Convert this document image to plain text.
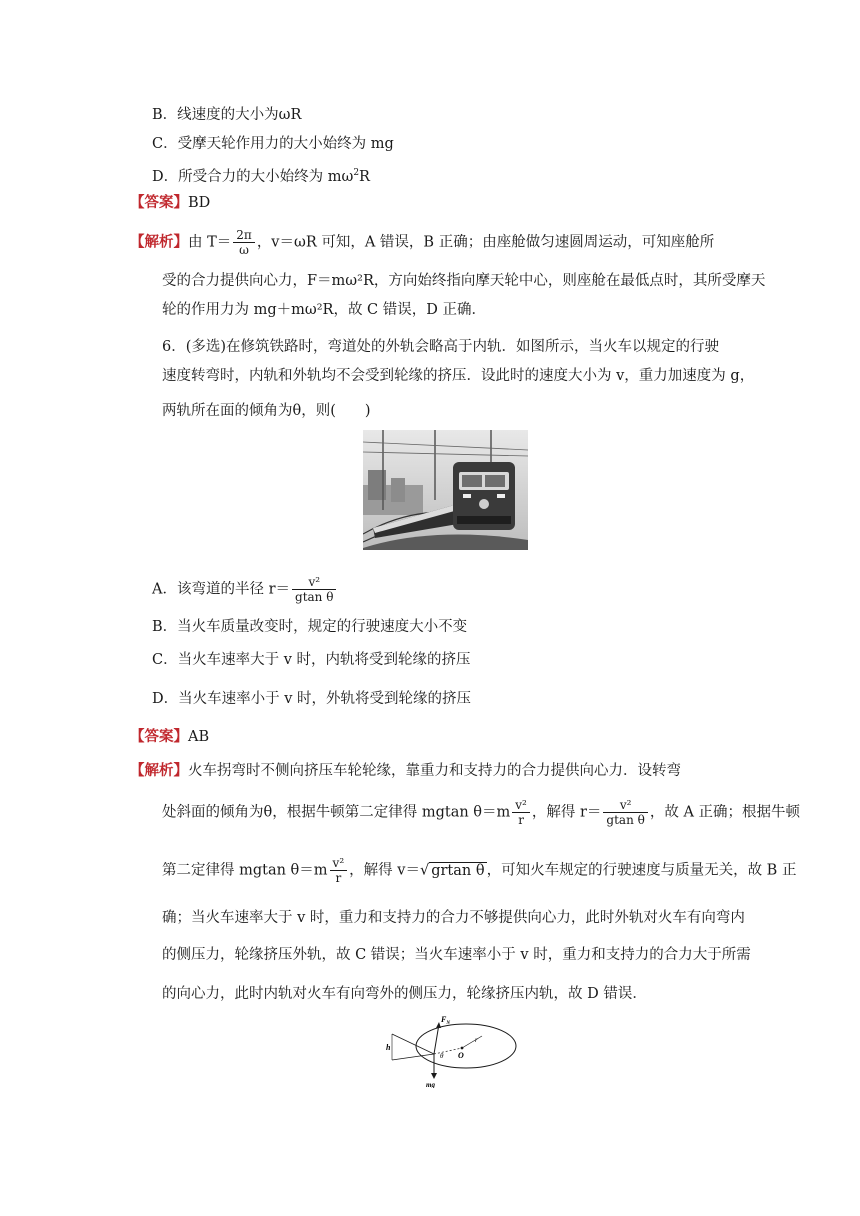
B．线速度的大小为ωR
C．受摩天轮作用力的大小始终为 mg
D．所受合力的大小始终为 $m\omega^2R$
【答案】BD
【解析】由 $T= \frac{2\pi}{\omega}$ ，v＝ωR 可知，A 错误，B 正确；由座舱做匀速圆周运动，可知座舱所
受的合力提供向心力，F＝mω²R，方向始终指向摩天轮中心，则座舱在最低点时，其所受摩天
轮的作用力为 mg＋mω²R，故 C 错误，D 正确．
6．(多选)在修筑铁路时，弯道处的外轨会略高于内轨．如图所示，当火车以规定的行驶
速度转弯时，内轨和外轨均不会受到轮缘的挤压．设此时的速度大小为 v，重力加速度为 g，
两轨所在面的倾角为θ，则(　　)
A．该弯道的半径 $r= \frac{\text{v²}}{\text{gtan θ}}$
B．当火车质量改变时，规定的行驶速度大小不变
C．当火车速率大于 v 时，内轨将受到轮缘的挤压
D．当火车速率小于 v 时，外轨将受到轮缘的挤压
【答案】AB
【解析】火车拐弯时不侧向挤压车轮轮缘，靠重力和支持力的合力提供向心力．设转弯
处斜面的倾角为θ，根据牛顿第二定律得 mgtan $\theta=m \frac{\text{v²}}{r}$ ，解得 $r= \frac{\text{v²}}{\text{gtan θ}}$ ，故 A 正确；根据牛顿
第二定律得 mgtan $\theta=m \frac{\text{v²}}{r}$ ，解得 v＝√ grtan θ ，可知火车规定的行驶速度与质量无关，故 B 正
确；当火车速率大于 v 时，重力和支持力的合力不够提供向心力，此时外轨对火车有向弯内
的侧压力，轮缘挤压外轨，故 C 错误；当火车速率小于 v 时，重力和支持力的合力大于所需
的向心力，此时内轨对火车有向弯外的侧压力，轮缘挤压内轨，故 D 错误．
$F_N$
h
θ O
r
mg
